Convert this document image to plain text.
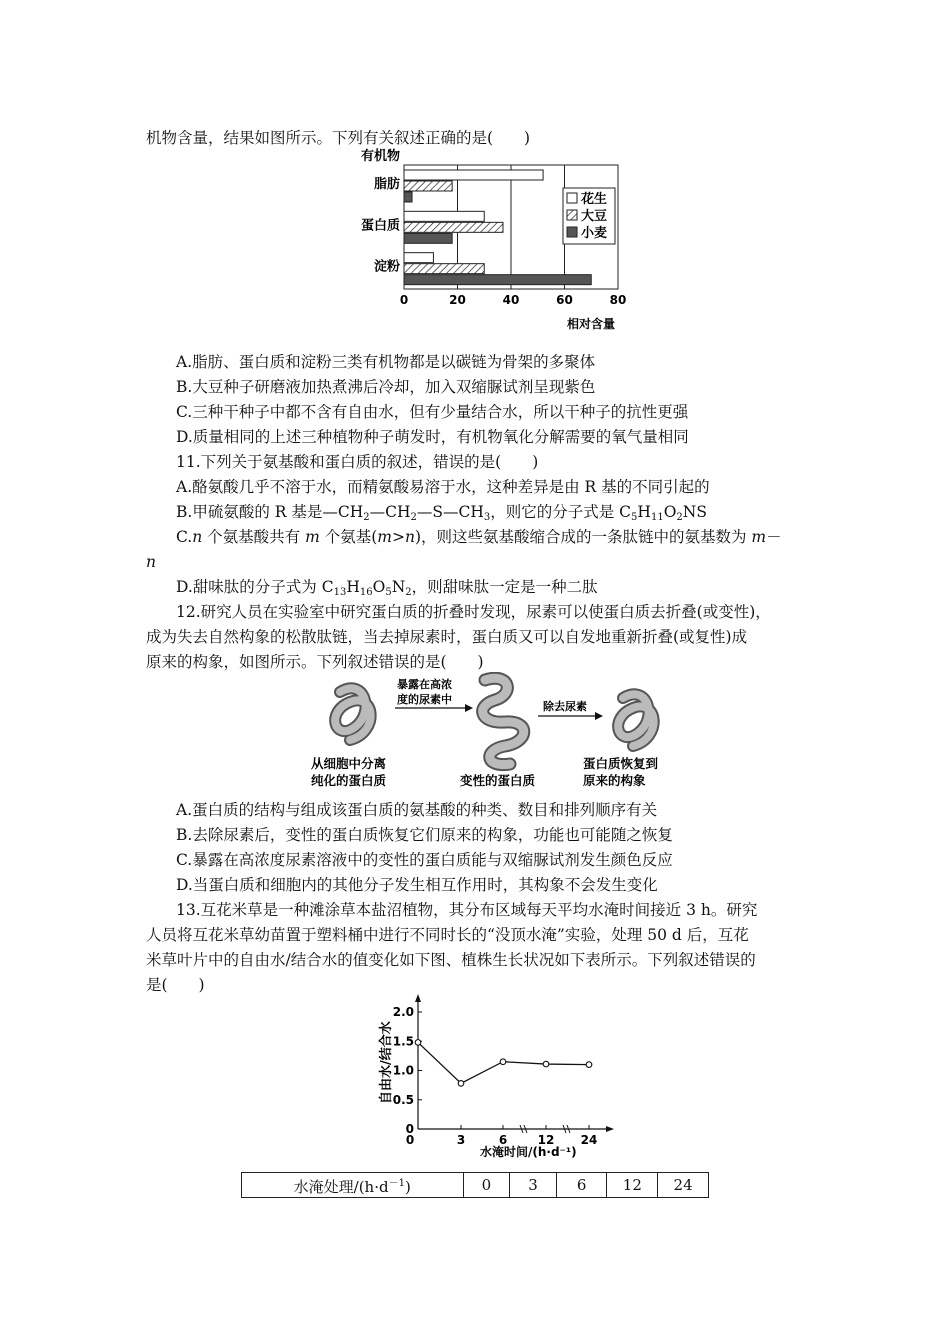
机物含量，结果如图所示。下列有关叙述正确的是(　　)
有机物
脂肪
蛋白质
淀粉
0	20	40	60	80
相对含量
花生
大豆
小麦
A.脂肪、蛋白质和淀粉三类有机物都是以碳链为骨架的多聚体
B.大豆种子研磨液加热煮沸后冷却，加入双缩脲试剂呈现紫色
C.三种干种子中都不含有自由水，但有少量结合水，所以干种子的抗性更强
D.质量相同的上述三种植物种子萌发时，有机物氧化分解需要的氧气量相同
11.下列关于氨基酸和蛋白质的叙述，错误的是(　　)
A.酪氨酸几乎不溶于水，而精氨酸易溶于水，这种差异是由 R 基的不同引起的
B.甲硫氨酸的 R 基是$—CH_2—CH_2—S—CH_3$，则它的分子式是 $C_5H_{11}O_2NS$
C.n 个氨基酸共有 m 个氨基(m>n)，则这些氨基酸缩合成的一条肽链中的氨基数为 m－
n
D.甜味肽的分子式为 $C_{13}H_{16}O_5N_2$，则甜味肽一定是一种二肽
12.研究人员在实验室中研究蛋白质的折叠时发现，尿素可以使蛋白质去折叠(或变性)，
成为失去自然构象的松散肽链，当去掉尿素时，蛋白质又可以自发地重新折叠(或复性)成
原来的构象，如图所示。下列叙述错误的是(　　)
暴露在高浓
度的尿素中
除去尿素
从细胞中分离
纯化的蛋白质	变性的蛋白质
蛋白质恢复到
原来的构象
A.蛋白质的结构与组成该蛋白质的氨基酸的种类、数目和排列顺序有关
B.去除尿素后，变性的蛋白质恢复它们原来的构象，功能也可能随之恢复
C.暴露在高浓度尿素溶液中的变性的蛋白质能与双缩脲试剂发生颜色反应
D.当蛋白质和细胞内的其他分子发生相互作用时，其构象不会发生变化
13.互花米草是一种滩涂草本盐沼植物，其分布区域每天平均水淹时间接近 3 h。研究
人员将互花米草幼苗置于塑料桶中进行不同时长的“没顶水淹”实验，处理 50 d 后，互花
米草叶片中的自由水/结合水的值变化如下图、植株生长状况如下表所示。下列叙述错误的
是(　　)
自由水/结合水
0
0.5
1.0
1.5
2.0
0	3	6	12 24
水淹时间/(h·d⁻¹)
水淹处理$/(h\cdot d^{-1})$	0	3	6	12	24
